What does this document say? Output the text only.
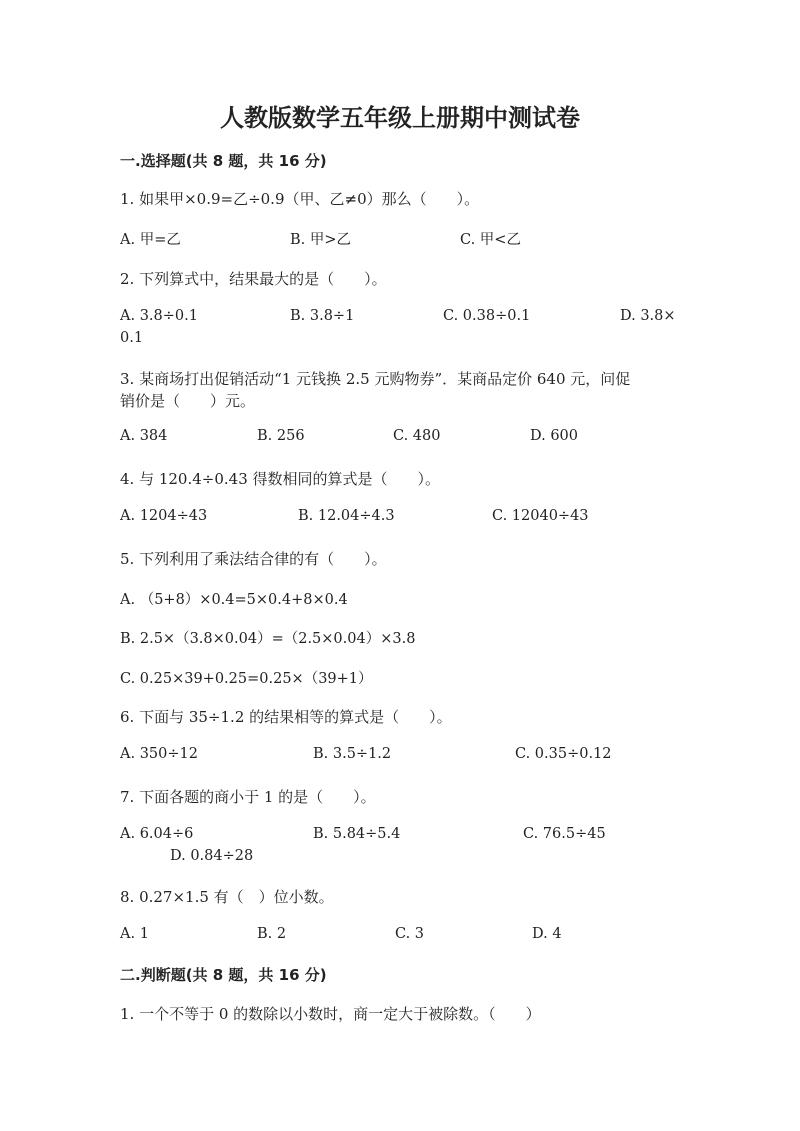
人教版数学五年级上册期中测试卷
一.选择题(共 8 题，共 16 分)
1. 如果甲×0.9=乙÷0.9（甲、乙≠0）那么（　　）。
A. 甲=乙	B. 甲>乙	C. 甲<乙
2. 下列算式中，结果最大的是（　　）。
A. 3.8÷0.1	B. 3.8÷1	C. 0.38÷0.1	D. 3.8×
0.1
3. 某商场打出促销活动“1 元钱换 2.5 元购物券”．某商品定价 640 元，问促
销价是（　　）元。
A. 384	B. 256	C. 480	D. 600
4. 与 120.4÷0.43 得数相同的算式是（　　）。
A. 1204÷43	B. 12.04÷4.3	C. 12040÷43
5. 下列利用了乘法结合律的有（　　）。
A. （5+8）×0.4=5×0.4+8×0.4
B. 2.5×（3.8×0.04）=（2.5×0.04）×3.8
C. 0.25×39+0.25=0.25×（39+1）
6. 下面与 35÷1.2 的结果相等的算式是（　　）。
A. 350÷12	B. 3.5÷1.2	C. 0.35÷0.12
7. 下面各题的商小于 1 的是（　　）。
A. 6.04÷6	B. 5.84÷5.4	C. 76.5÷45
D. 0.84÷28
8. 0.27×1.5 有（　）位小数。
A. 1	B. 2	C. 3	D. 4
二.判断题(共 8 题，共 16 分)
1. 一个不等于 0 的数除以小数时，商一定大于被除数。（　　）
